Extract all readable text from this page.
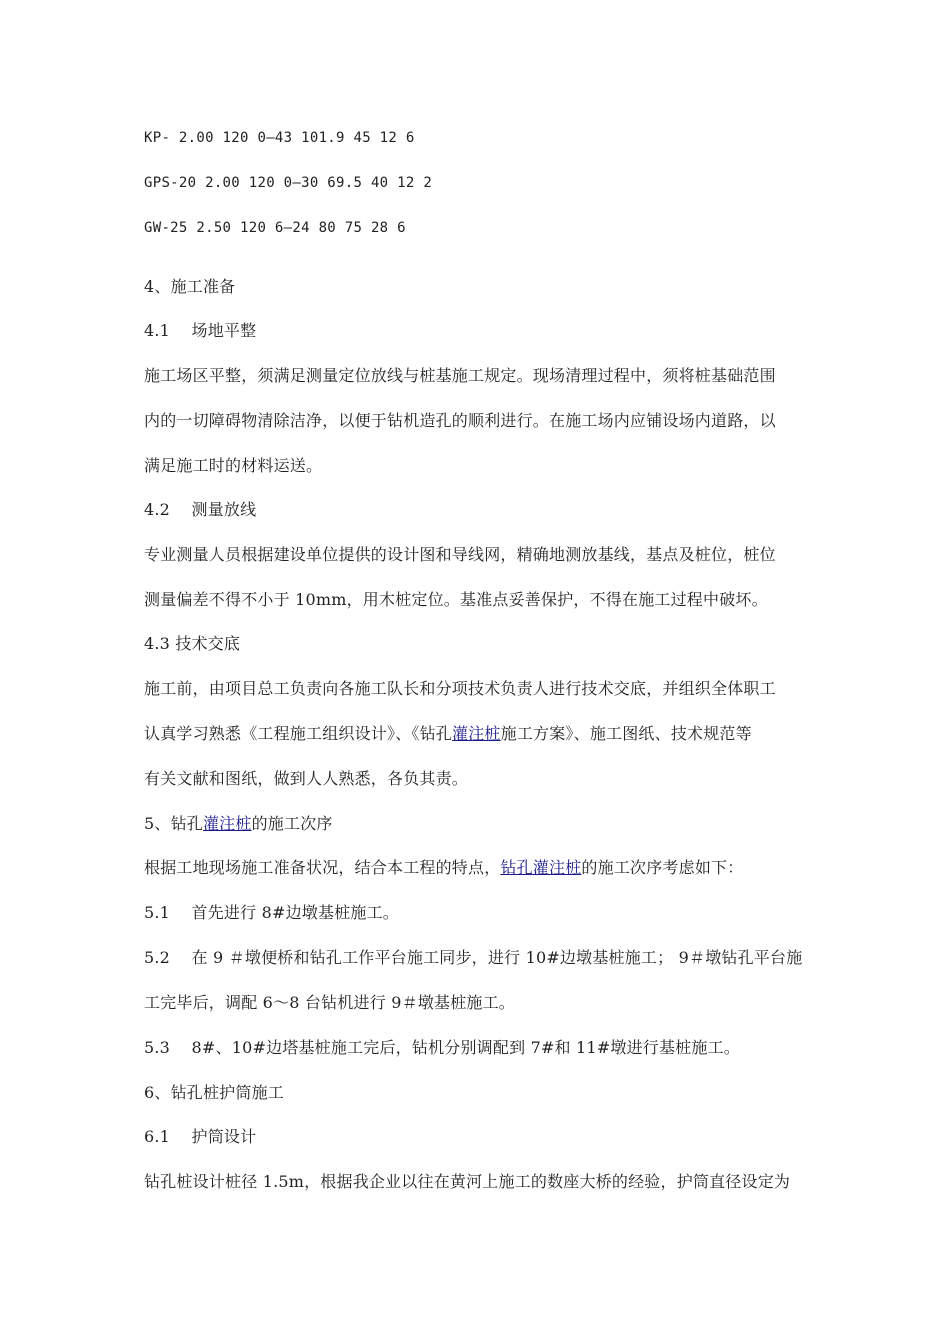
KP- 2.00 120 0—43 101.9 45 12 6
GPS-20 2.00 120 0—30 69.5 40 12 2
GW-25 2.50 120 6—24 80 75 28 6
4、施工准备
4.1　 场地平整
施工场区平整，须满足测量定位放线与桩基施工规定。现场清理过程中，须将桩基础范围
内的一切障碍物清除洁净，以便于钻机造孔的顺利进行。在施工场内应铺设场内道路，以
满足施工时的材料运送。
4.2　 测量放线
专业测量人员根据建设单位提供的设计图和导线网，精确地测放基线，基点及桩位，桩位
测量偏差不得不小于 10mm，用木桩定位。基准点妥善保护，不得在施工过程中破坏。
4.3 技术交底
施工前，由项目总工负责向各施工队长和分项技术负责人进行技术交底，并组织全体职工
认真学习熟悉《工程施工组织设计》、《钻孔灌注桩施工方案》、施工图纸、技术规范等
有关文献和图纸，做到人人熟悉，各负其责。
5、钻孔灌注桩的施工次序
根据工地现场施工准备状况，结合本工程的特点，钻孔灌注桩的施工次序考虑如下：
5.1　 首先进行 8#边墩基桩施工。
5.2　 在 9 ＃墩便桥和钻孔工作平台施工同步，进行 10#边墩基桩施工； 9＃墩钻孔平台施
工完毕后，调配 6～8 台钻机进行 9＃墩基桩施工。
5.3　 8#、10#边塔基桩施工完后，钻机分别调配到 7#和 11#墩进行基桩施工。
6、钻孔桩护筒施工
6.1　 护筒设计
钻孔桩设计桩径 1.5m，根据我企业以往在黄河上施工的数座大桥的经验，护筒直径设定为
